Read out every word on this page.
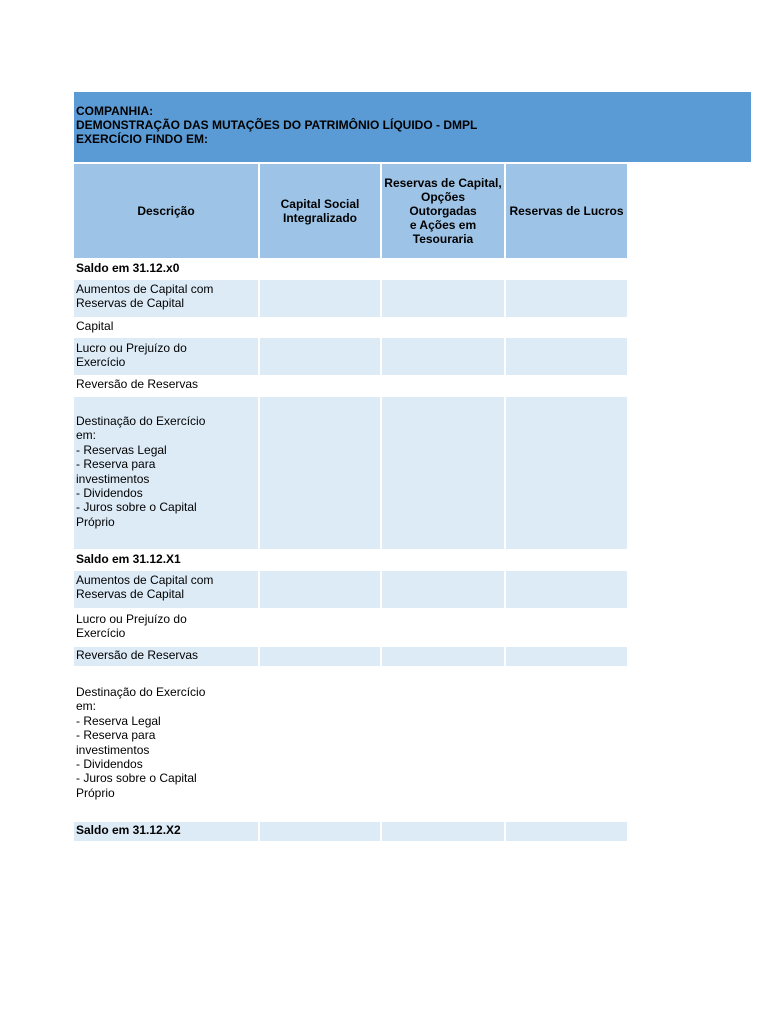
COMPANHIA:
DEMONSTRAÇÃO DAS MUTAÇÕES DO PATRIMÔNIO LÍQUIDO - DMPL
EXERCÍCIO FINDO EM:
Descrição	Capital Social
Integralizado
Reservas de Capital,
Opções
Outorgadas
e Ações em
Tesouraria
Reservas de Lucros
Saldo em 31.12.x0
Aumentos de Capital com
Reservas de Capital
Capital
Lucro ou Prejuízo do
Exercício
Reversão de Reservas
Destinação do Exercício
em:
- Reservas Legal
- Reserva para
investimentos
- Dividendos
- Juros sobre o Capital
Próprio
Saldo em 31.12.X1
Aumentos de Capital com
Reservas de Capital
Lucro ou Prejuízo do
Exercício
Reversão de Reservas
Destinação do Exercício
em:
- Reserva Legal
- Reserva para
investimentos
- Dividendos
- Juros sobre o Capital
Próprio
Saldo em 31.12.X2
